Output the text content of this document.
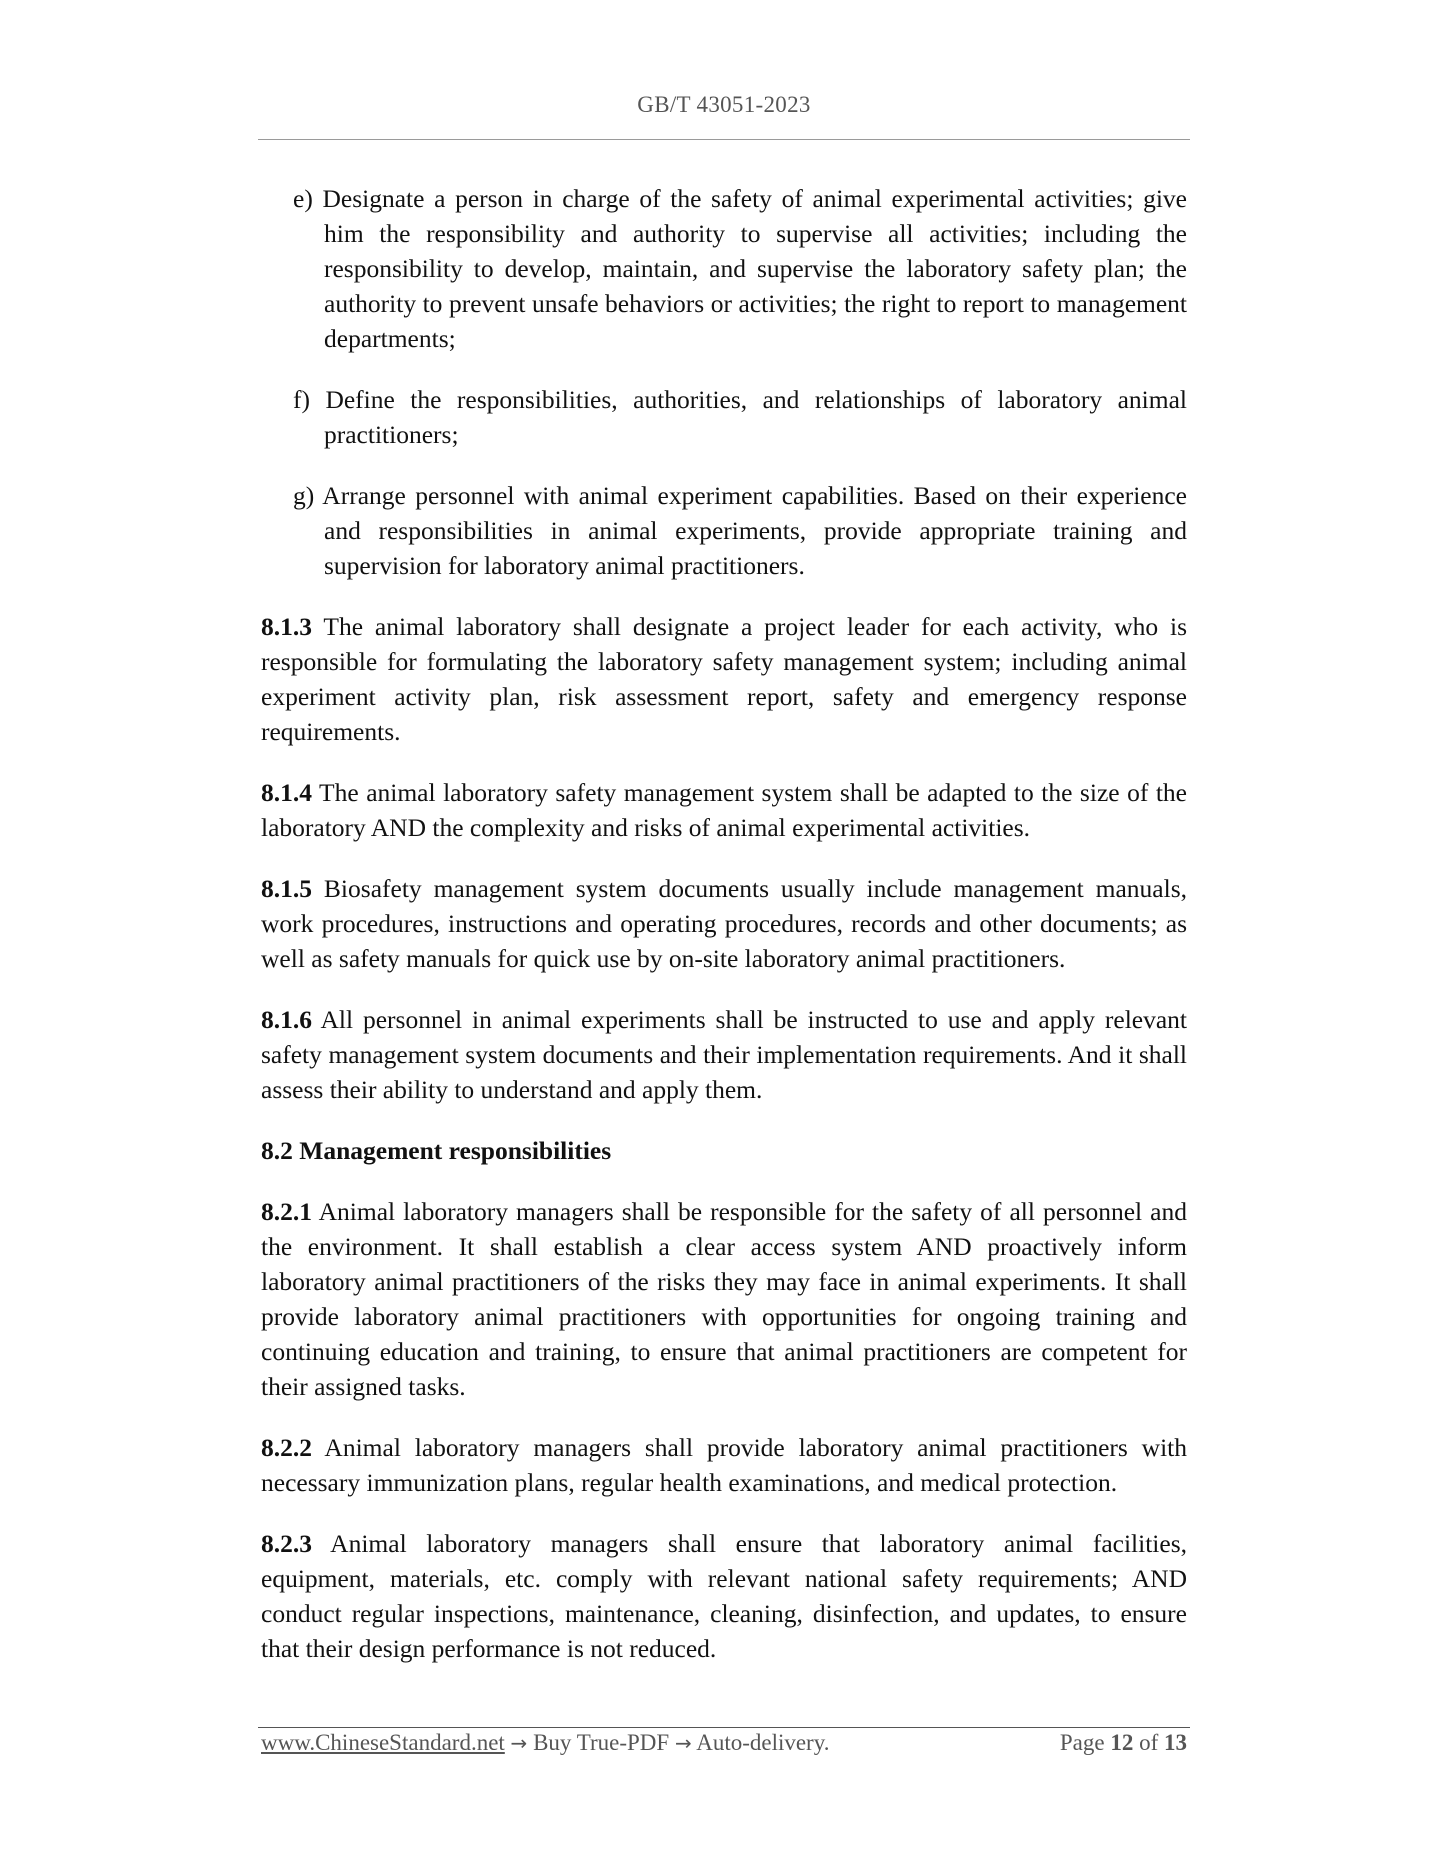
GB/T 43051-2023
e) Designate a person in charge of the safety of animal experimental activities; give him the responsibility and authority to supervise all activities; including the responsibility to develop, maintain, and supervise the laboratory safety plan; the authority to prevent unsafe behaviors or activities; the right to report to management departments;
f) Define the responsibilities, authorities, and relationships of laboratory animal practitioners;
g) Arrange personnel with animal experiment capabilities. Based on their experience and responsibilities in animal experiments, provide appropriate training and supervision for laboratory animal practitioners.
8.1.3 The animal laboratory shall designate a project leader for each activity, who is responsible for formulating the laboratory safety management system; including animal experiment activity plan, risk assessment report, safety and emergency response requirements.
8.1.4 The animal laboratory safety management system shall be adapted to the size of the laboratory AND the complexity and risks of animal experimental activities.
8.1.5 Biosafety management system documents usually include management manuals, work procedures, instructions and operating procedures, records and other documents; as well as safety manuals for quick use by on-site laboratory animal practitioners.
8.1.6 All personnel in animal experiments shall be instructed to use and apply relevant safety management system documents and their implementation requirements. And it shall assess their ability to understand and apply them.
8.2 Management responsibilities
8.2.1 Animal laboratory managers shall be responsible for the safety of all personnel and the environment. It shall establish a clear access system AND proactively inform laboratory animal practitioners of the risks they may face in animal experiments. It shall provide laboratory animal practitioners with opportunities for ongoing training and continuing education and training, to ensure that animal practitioners are competent for their assigned tasks.
8.2.2 Animal laboratory managers shall provide laboratory animal practitioners with necessary immunization plans, regular health examinations, and medical protection.
8.2.3 Animal laboratory managers shall ensure that laboratory animal facilities, equipment, materials, etc. comply with relevant national safety requirements; AND conduct regular inspections, maintenance, cleaning, disinfection, and updates, to ensure that their design performance is not reduced.
www.ChineseStandard.net → Buy True-PDF → Auto-delivery.	Page 12 of 13
